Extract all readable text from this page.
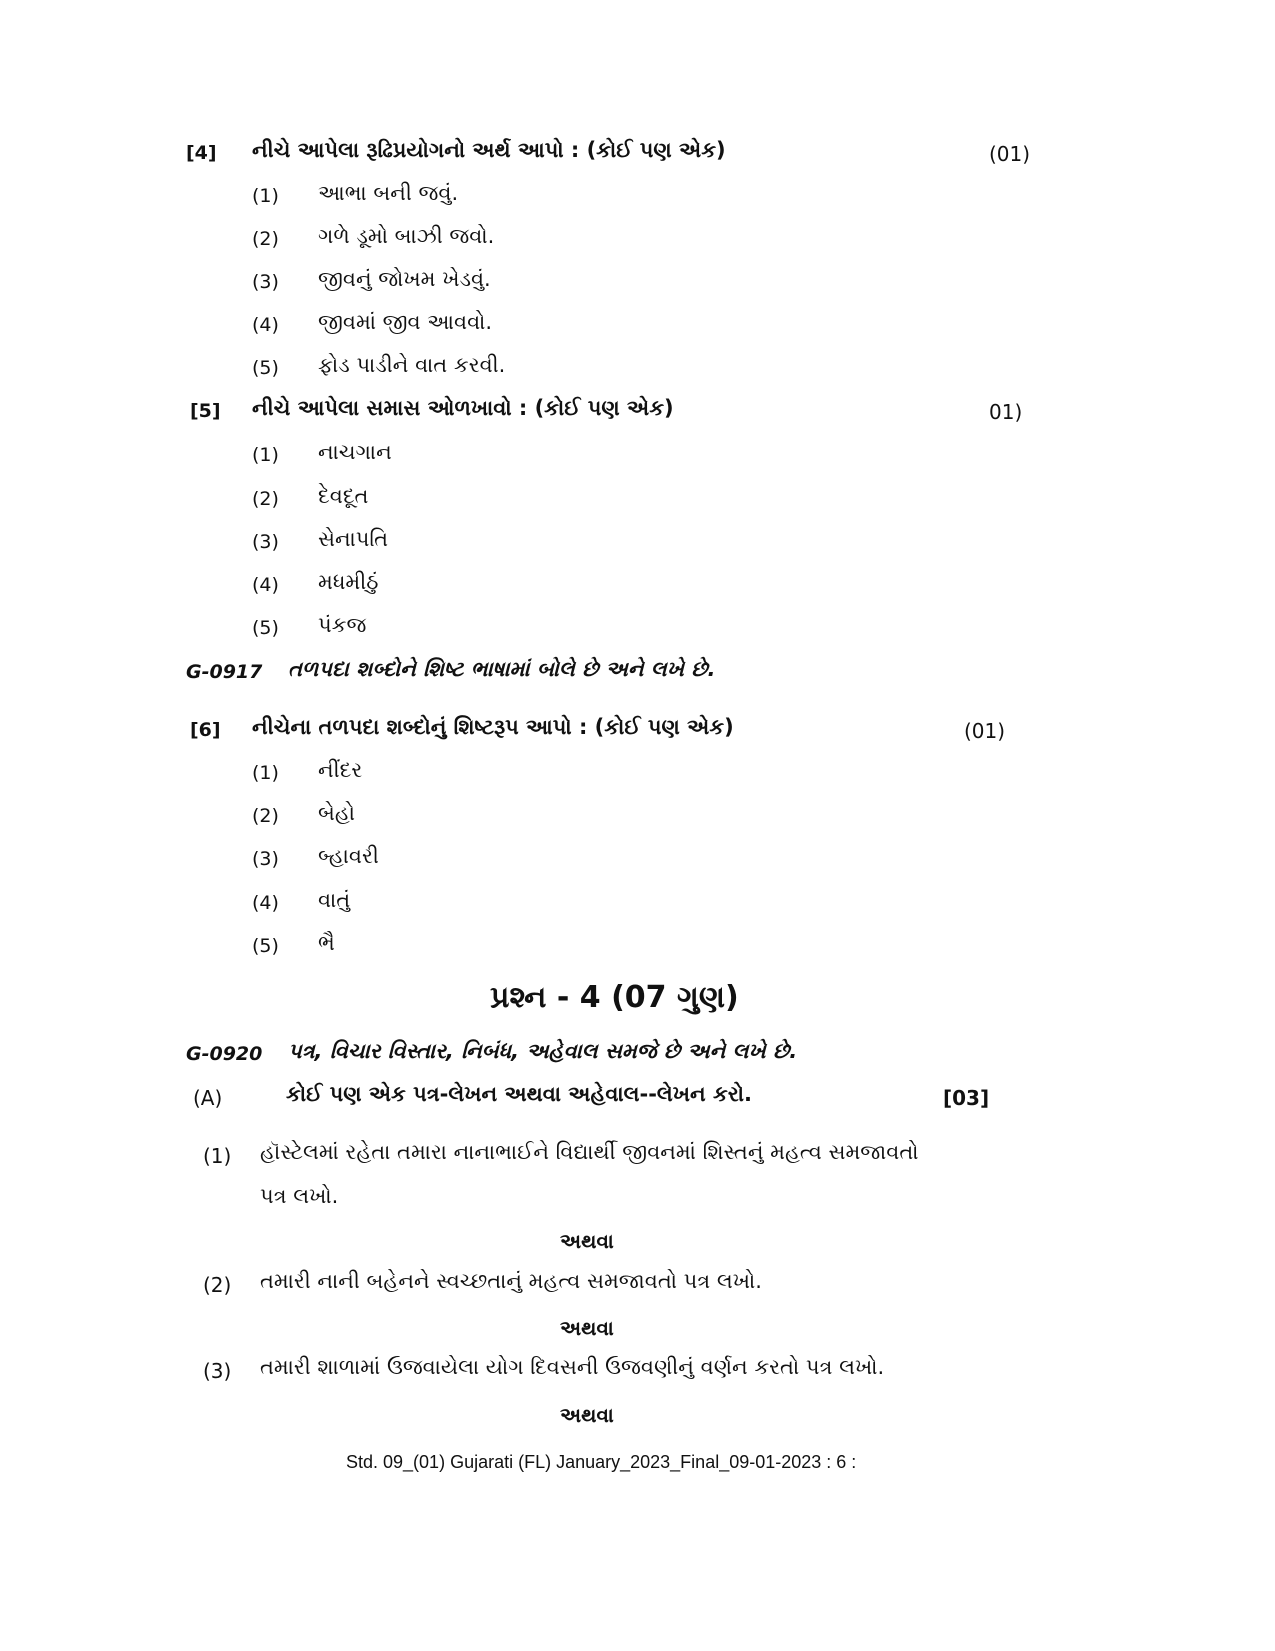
[4] નીચે આપેલા રૂઢિપ્રયોગનો અર્થ આપો : (કોઈ પણ એક)	(01)
(1) આભા બની જવું.
(2) ગળે ડૂમો બાઝી જવો.
(3) જીવનું જોખમ ખેડવું.
(4) જીવમાં જીવ આવવો.
(5) ફોડ પાડીને વાત કરવી.
[5] નીચે આપેલા સમાસ ઓળખાવો : (કોઈ પણ એક)	01)
(1) નાચગાન
(2) દેવદૂત
(3) સેનાપતિ
(4) મધમીઠું
(5) પંકજ
G-0917 તળપદા શબ્દોને શિષ્ટ ભાષામાં બોલે છે અને લખે છે.
[6] નીચેના તળપદા શબ્દોનું શિષ્ટરૂપ આપો : (કોઈ પણ એક)	(01)
(1) નીંદર
(2) બેહો
(3) બ્હાવરી
(4) વાતું
(5) ભૈ
પ્રશ્ન - 4 (07 ગુણ)
G-0920 પત્ર, વિચાર વિસ્તાર, નિબંધ, અહેવાલ સમજે છે અને લખે છે.
(A)	કોઈ પણ એક પત્ર-લેખન અથવા અહેવાલ--લેખન કરો.	[03]
(1) હૉસ્ટેલમાં રહેતા તમારા નાનાભાઈને વિદ્યાર્થી જીવનમાં શિસ્તનું મહત્વ સમજાવતો
પત્ર લખો.
અથવા
(2) તમારી નાની બહેનને સ્વચ્છતાનું મહત્વ સમજાવતો પત્ર લખો.
અથવા
(3) તમારી શાળામાં ઉજવાયેલા યોગ દિવસની ઉજવણીનું વર્ણન કરતો પત્ર લખો.
અથવા
Std. 09_(01) Gujarati (FL) January_2023_Final_09-01-2023 : 6 :
